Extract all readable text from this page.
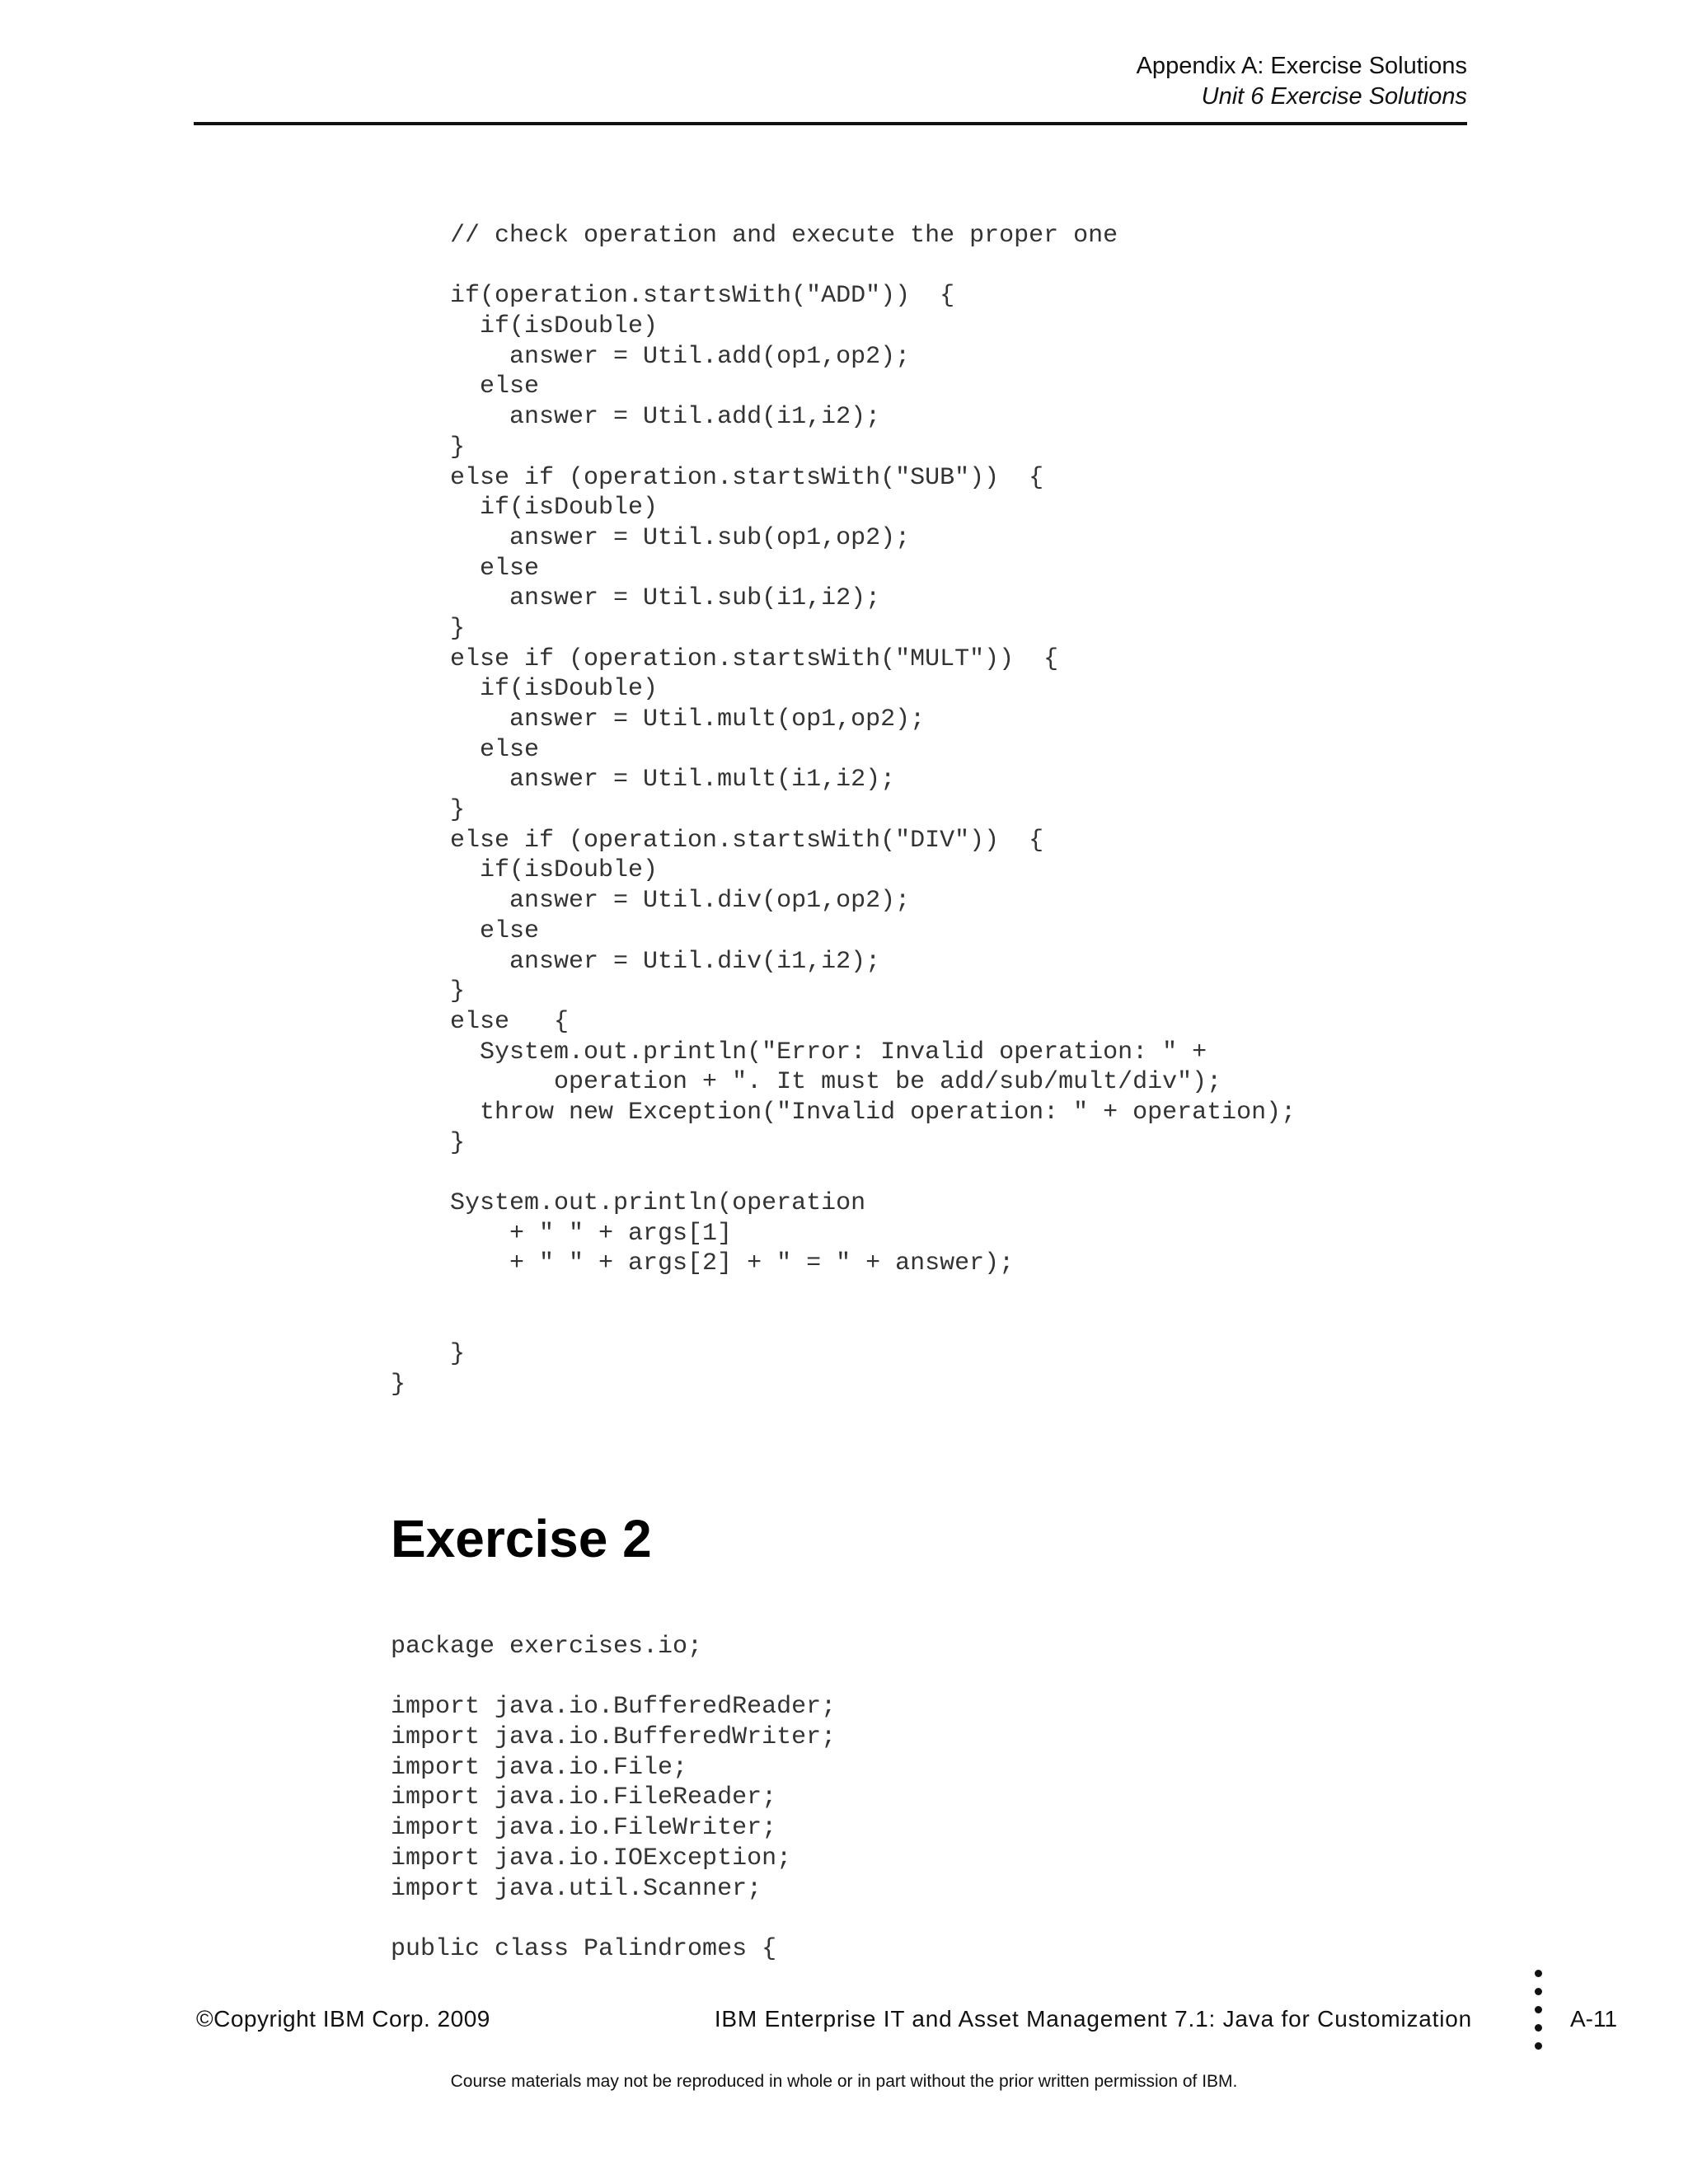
Appendix A: Exercise Solutions
Unit 6 Exercise Solutions
// check operation and execute the proper one
if(operation.startsWith("ADD"))  {
if(isDouble)
answer = Util.add(op1,op2);
else
answer = Util.add(i1,i2);
}
else if (operation.startsWith("SUB"))  {
if(isDouble)
answer = Util.sub(op1,op2);
else
answer = Util.sub(i1,i2);
}
else if (operation.startsWith("MULT"))  {
if(isDouble)
answer = Util.mult(op1,op2);
else
answer = Util.mult(i1,i2);
}
else if (operation.startsWith("DIV"))  {
if(isDouble)
answer = Util.div(op1,op2);
else
answer = Util.div(i1,i2);
}
else   {
System.out.println("Error: Invalid operation: " +
operation + ". It must be add/sub/mult/div");
throw new Exception("Invalid operation: " + operation);
}
System.out.println(operation
+ " " + args[1]
+ " " + args[2] + " = " + answer);
}
}
Exercise 2
package exercises.io;
import java.io.BufferedReader;
import java.io.BufferedWriter;
import java.io.File;
import java.io.FileReader;
import java.io.FileWriter;
import java.io.IOException;
import java.util.Scanner;
public class Palindromes {
©Copyright IBM Corp. 2009	IBM Enterprise IT and Asset Management 7.1: Java for Customization	A-11
Course materials may not be reproduced in whole or in part without the prior written permission of IBM.
